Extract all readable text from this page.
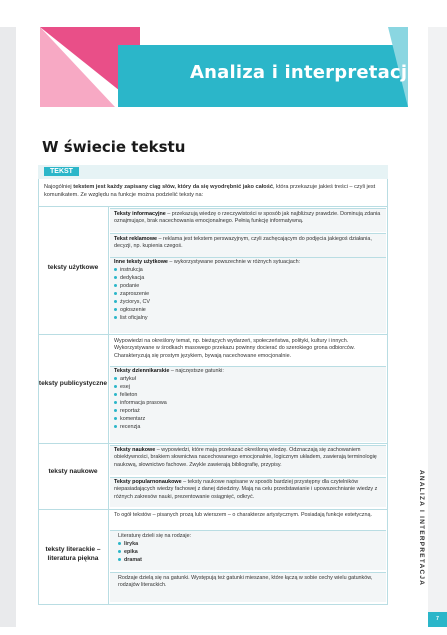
Analiza i interpretacja
W świecie tekstu
TEKST
Najogólniej tekstem jest każdy zapisany ciąg słów, który da się wyodrębnić jako całość, która przekazuje jakieś treści – czyli jest komunikatem. Ze względu na funkcje można podzielić teksty na:
teksty użytkowe
Teksty informacyjne – przekazują wiedzę o rzeczywistości w sposób jak najbliższy prawdzie. Dominują zdania oznajmujące, brak nacechowania emocjonalnego. Pełnią funkcję informatywną.
Tekst reklamowe – reklama jest tekstem perswazyjnym, czyli zachęcającym do podjęcia jakiegoś działania, decyzji, np. kupienia czegoś.
Inne teksty użytkowe – wykorzystywane powszechnie w różnych sytuacjach:
instrukcja
dedykacja
podanie
zaproszenie
życiorys, CV
ogłoszenie
list oficjalny
teksty publicystyczne
Wypowiedzi na określony temat, np. bieżących wydarzeń, społeczeństwa, polityki, kultury i innych. Wykorzystywane w środkach masowego przekazu powinny docierać do szerokiego grona odbiorców. Charakteryzują się prostym językiem, bywają nacechowane emocjonalnie.
Teksty dziennikarskie – najczęstsze gatunki:
artykuł
esej
felieton
informacja prasowa
reportaż
komentarz
recenzja
teksty naukowe
Teksty naukowe – wypowiedzi, które mają przekazać określoną wiedzę. Odznaczają się zachowaniem obiektywności, brakiem słownictwa nacechowanego emocjonalnie, logicznym układem, zawierają terminologię naukową, słownictwo fachowe. Zwykle zawierają bibliografię, przypisy.
Teksty popularnonaukowe – teksty naukowe napisane w sposób bardziej przystępny dla czytelników niepasiadających wiedzy fachowej z danej dziedziny. Mają na celu przedstawianie i upowszechnianie wiedzy z różnych zakresów nauki, prezentowanie osiągnięć, odkryć.
teksty literackie – literatura piękna
To ogół tekstów – pisanych prozą lub wierszem – o charakterze artystycznym. Posiadają funkcje estetyczną.
Literaturę dzieli się na rodzaje:
liryka
epika
dramat
Rodzaje dzielą się na gatunki. Występują też gatunki mieszane, które łączą w sobie cechy wielu gatunków, rodzajów literackich.	ANALIZA I INTERPRETACJA
7
